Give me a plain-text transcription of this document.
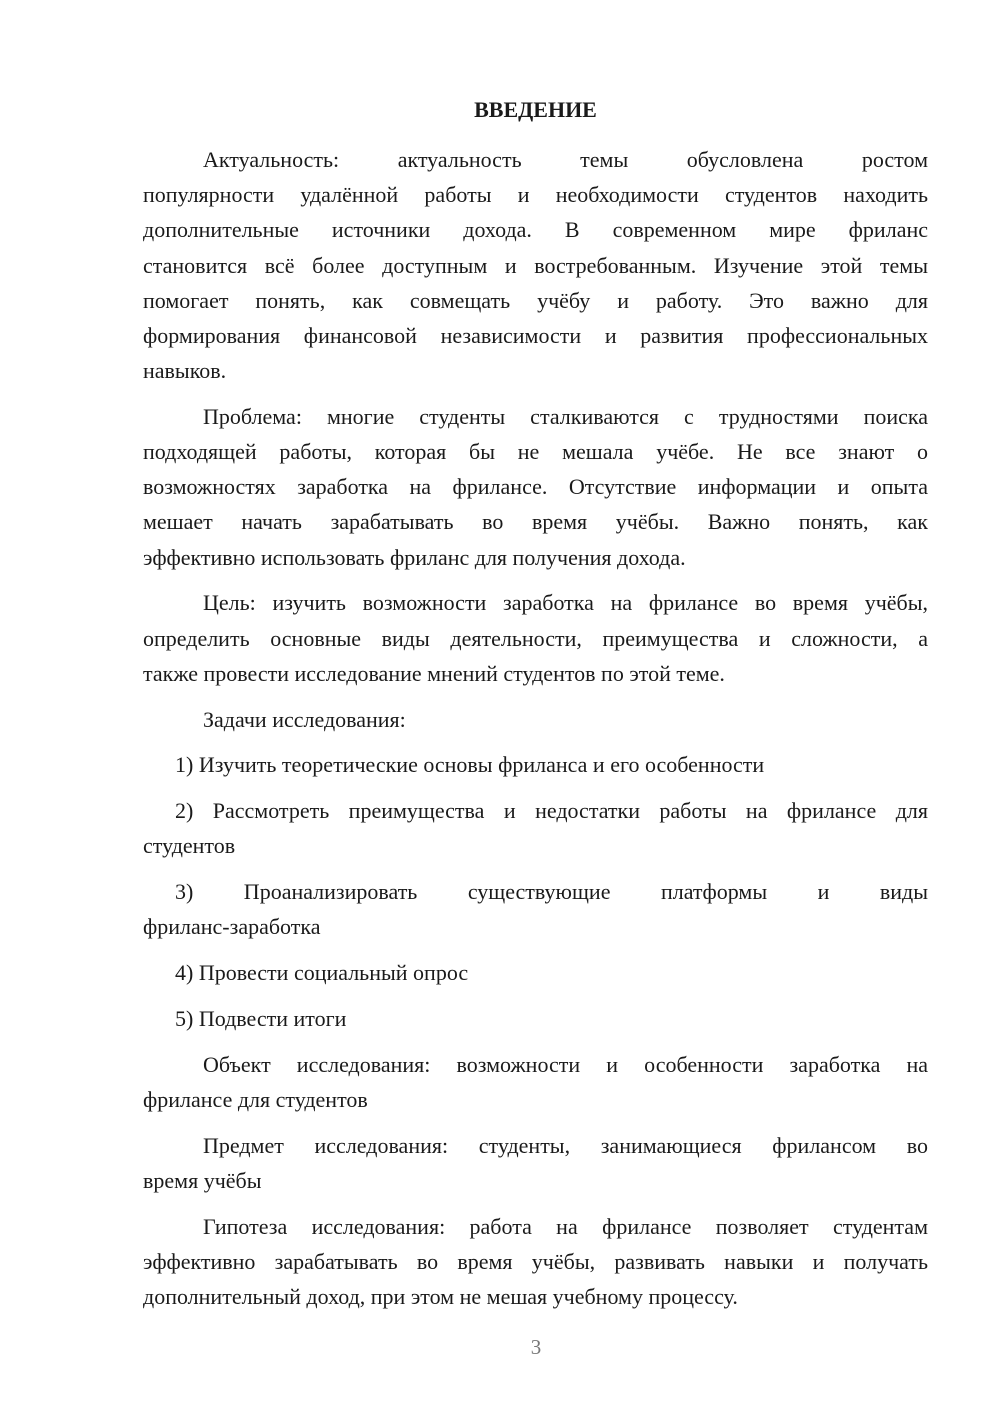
ВВЕДЕНИЕ
Актуальность: актуальность темы обусловлена ростом
популярности удалённой работы и необходимости студентов находить
дополнительные источники дохода. В современном мире фриланс
становится всё более доступным и востребованным. Изучение этой темы
помогает понять, как совмещать учёбу и работу. Это важно для
формирования финансовой независимости и развития профессиональных
навыков.
Проблема: многие студенты сталкиваются с трудностями поиска
подходящей работы, которая бы не мешала учёбе. Не все знают о
возможностях заработка на фрилансе. Отсутствие информации и опыта
мешает начать зарабатывать во время учёбы. Важно понять, как
эффективно использовать фриланс для получения дохода.
Цель: изучить возможности заработка на фрилансе во время учёбы,
определить основные виды деятельности, преимущества и сложности, а
также провести исследование мнений студентов по этой теме.
Задачи исследования:
1) Изучить теоретические основы фриланса и его особенности
2) Рассмотреть преимущества и недостатки работы на фрилансе для
студентов
3) Проанализировать существующие платформы и виды
фриланс-заработка
4) Провести социальный опрос
5) Подвести итоги
Объект исследования: возможности и особенности заработка на
фрилансе для студентов
Предмет исследования: студенты, занимающиеся фрилансом во
время учёбы
Гипотеза исследования: работа на фрилансе позволяет студентам
эффективно зарабатывать во время учёбы, развивать навыки и получать
дополнительный доход, при этом не мешая учебному процессу.
3
